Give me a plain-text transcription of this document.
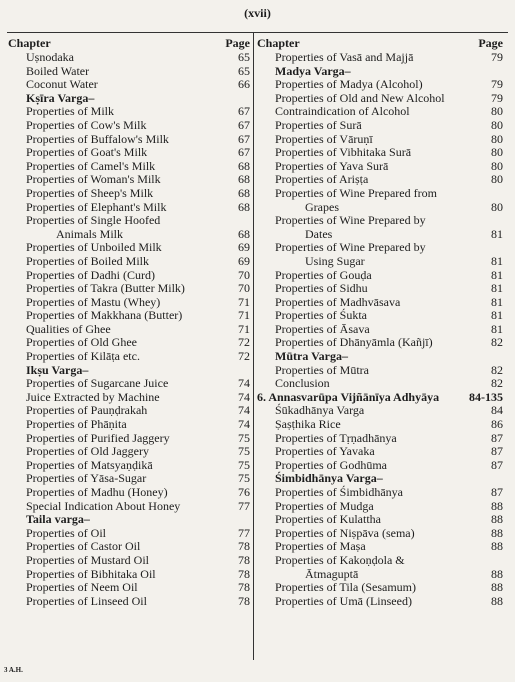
(xvii)
Chapter	Page
Uṣnodaka	65
Boiled Water	65
Coconut Water	66
Kṣīra Varga–
Properties of Milk	67
Properties of Cow's Milk	67
Properties of Buffalow's Milk	67
Properties of Goat's Milk	67
Properties of Camel's Milk	68
Properties of Woman's Milk	68
Properties of Sheep's Milk	68
Properties of Elephant's Milk	68
Properties of Single Hoofed
Animals Milk	68
Properties of Unboiled Milk	69
Properties of Boiled Milk	69
Properties of Dadhi (Curd)	70
Properties of Takra (Butter Milk)	70
Properties of Mastu (Whey)	71
Properties of Makkhana (Butter)	71
Qualities of Ghee	71
Properties of Old Ghee	72
Properties of Kilāṭa etc.	72
Ikṣu Varga–
Properties of Sugarcane Juice	74
Juice Extracted by Machine	74
Properties of Pauṇḍrakah	74
Properties of Phāṇita	74
Properties of Purified Jaggery	75
Properties of Old Jaggery	75
Properties of Matsyaṇḍikā	75
Properties of Yāsa-Sugar	75
Properties of Madhu (Honey)	76
Special Indication About Honey	77
Taila varga–
Properties of Oil	77
Properties of Castor Oil	78
Properties of Mustard Oil	78
Properties of Bibhitaka Oil	78
Properties of Neem Oil	78
Properties of Linseed Oil	78
Chapter	Page
Properties of Vasā and Majjā	79
Madya Varga–
Properties of Madya (Alcohol)	79
Properties of Old and New Alcohol	79
Contraindication of Alcohol	80
Properties of Surā	80
Properties of Vāruṇī	80
Properties of Vibhitaka Surā	80
Properties of Yava Surā	80
Properties of Ariṣṭa	80
Properties of Wine Prepared from
Grapes	80
Properties of Wine Prepared by
Dates	81
Properties of Wine Prepared by
Using Sugar	81
Properties of Gouḍa	81
Properties of Sidhu	81
Properties of Madhvāsava	81
Properties of Śukta	81
Properties of Āsava	81
Properties of Dhānyāmla (Kañjī)	82
Mūtra Varga–
Properties of Mūtra	82
Conclusion	82
6. Annasvarūpa Vijñānīya Adhyāya	84-135
Śūkadhānya Varga	84
Ṣaṣṭhika Rice	86
Properties of Tṛṇadhānya	87
Properties of Yavaka	87
Properties of Godhūma	87
Śimbidhānya Varga–
Properties of Śimbidhānya	87
Properties of Mudga	88
Properties of Kulattha	88
Properties of Niṣpāva (sema)	88
Properties of Maṣa	88
Properties of Kakoṇḍola &
Ātmaguptā	88
Properties of Tila (Sesamum)	88
Properties of Umā (Linseed)	88
3 A.H.
